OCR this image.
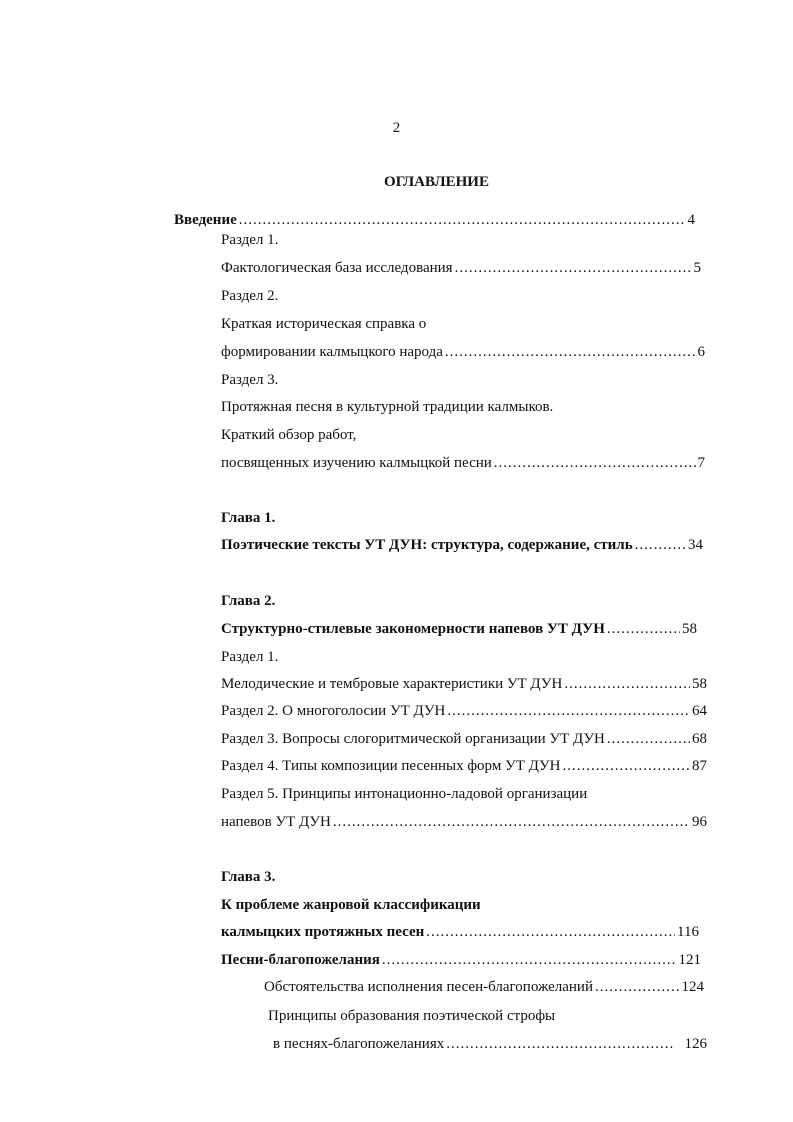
2
ОГЛАВЛЕНИЕ
Введение .....	4
Раздел 1.
Фактологическая база исследования .....	5
Раздел 2.
Краткая историческая справка о
формировании калмыцкого народа .....	6
Раздел 3.
Протяжная песня в культурной традиции калмыков.
Краткий обзор работ,
посвященных изучению калмыцкой песни .....	7
Глава 1.
Поэтические тексты УТ ДУН: структура, содержание, стиль .....	34
Глава 2.
Структурно-стилевые закономерности напевов УТ ДУН .....	58
Раздел 1.
Мелодические и тембровые характеристики УТ ДУН .....	58
Раздел 2. О многоголосии УТ ДУН .....	64
Раздел 3. Вопросы слогоритмической организации УТ ДУН .....	68
Раздел 4. Типы композиции песенных форм УТ ДУН .....	87
Раздел 5. Принципы интонационно-ладовой организации
напевов УТ ДУН .....	96
Глава 3.
К проблеме жанровой классификации
калмыцких протяжных песен .....	116
Песни-благопожелания .....	121
Обстоятельства исполнения песен-благопожеланий .....	124
Принципы образования поэтической строфы
в песнях-благопожеланиях .....	126
